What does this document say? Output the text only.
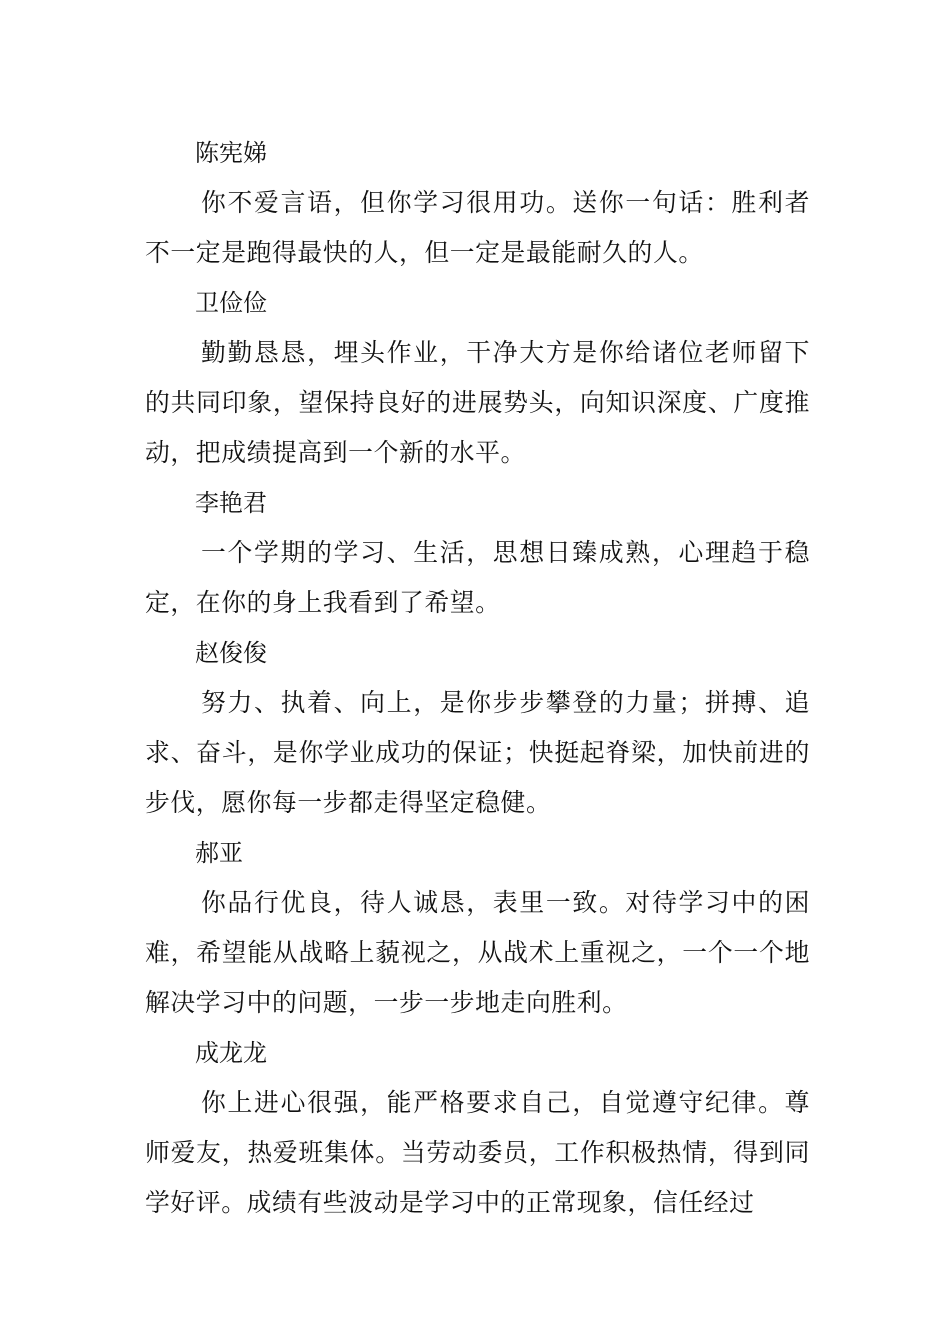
陈宪娣

你不爱言语，但你学习很用功。送你一句话：胜利者不一定是跑得最快的人，但一定是最能耐久的人。

卫俭俭

勤勤恳恳，埋头作业，干净大方是你给诸位老师留下的共同印象，望保持良好的进展势头，向知识深度、广度推动，把成绩提高到一个新的水平。

李艳君

一个学期的学习、生活，思想日臻成熟，心理趋于稳定，在你的身上我看到了希望。

赵俊俊

努力、执着、向上，是你步步攀登的力量；拼搏、追求、奋斗，是你学业成功的保证；快挺起脊梁，加快前进的步伐，愿你每一步都走得坚定稳健。

郝亚

你品行优良，待人诚恳，表里一致。对待学习中的困难，希望能从战略上藐视之，从战术上重视之，一个一个地解决学习中的问题，一步一步地走向胜利。

成龙龙

你上进心很强，能严格要求自己，自觉遵守纪律。尊师爱友，热爱班集体。当劳动委员，工作积极热情，得到同学好评。成绩有些波动是学习中的正常现象，信任经过
